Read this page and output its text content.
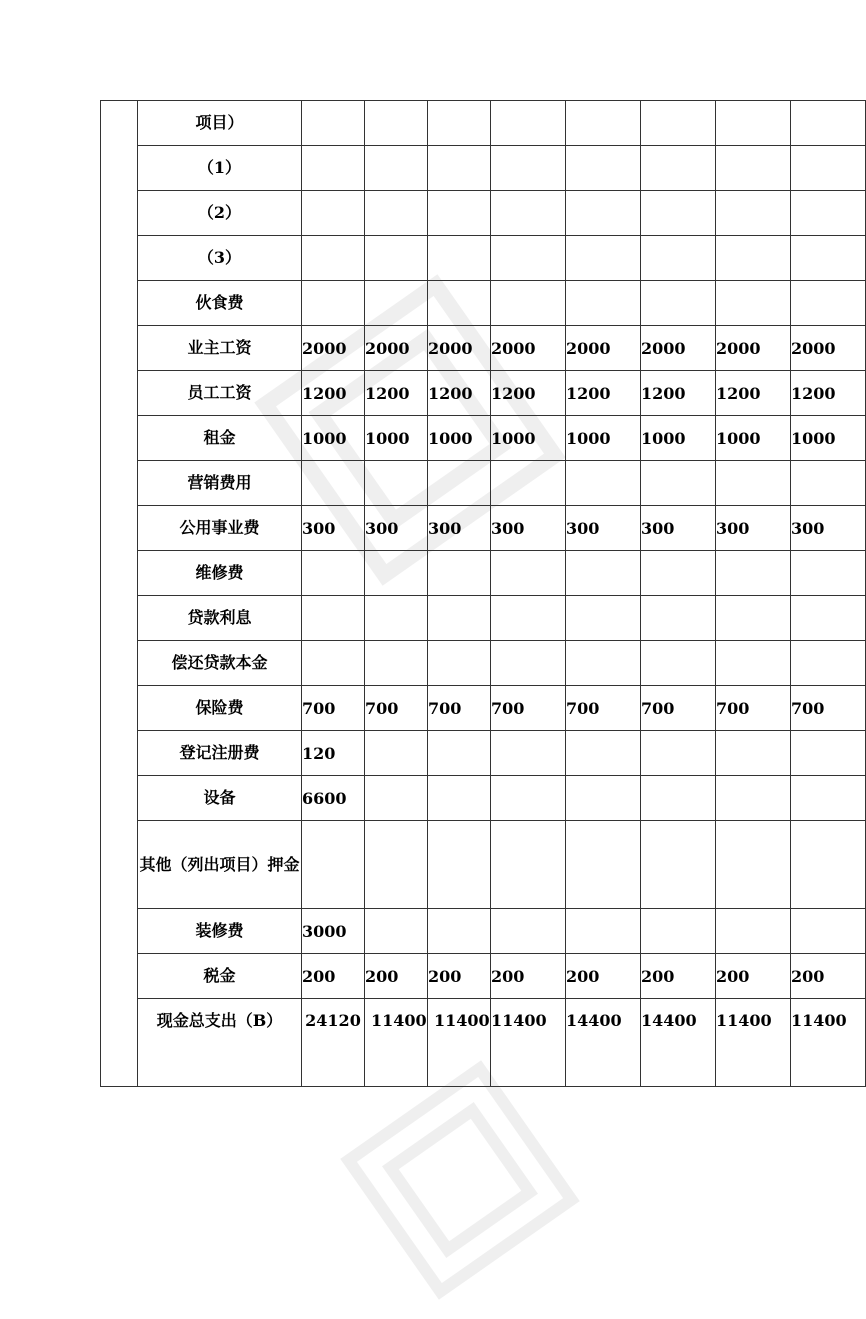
	项目）								
	（1）								
	（2）								
	（3）								
	伙食费								
	业主工资	2000	2000	2000	2000	2000	2000	2000	2000
	员工工资	1200	1200	1200	1200	1200	1200	1200	1200
	租金	1000	1000	1000	1000	1000	1000	1000	1000
	营销费用								
	公用事业费	300	300	300	300	300	300	300	300
	维修费								
	贷款利息								
	偿还贷款本金								
	保险费	700	700	700	700	700	700	700	700
	登记注册费	120							
	设备	6600							
	其他（列出项目）押金								
	装修费	3000							
	税金	200	200	200	200	200	200	200	200
	现金总支出（B）	24120	11400	11400	11400	14400	14400	11400	11400
